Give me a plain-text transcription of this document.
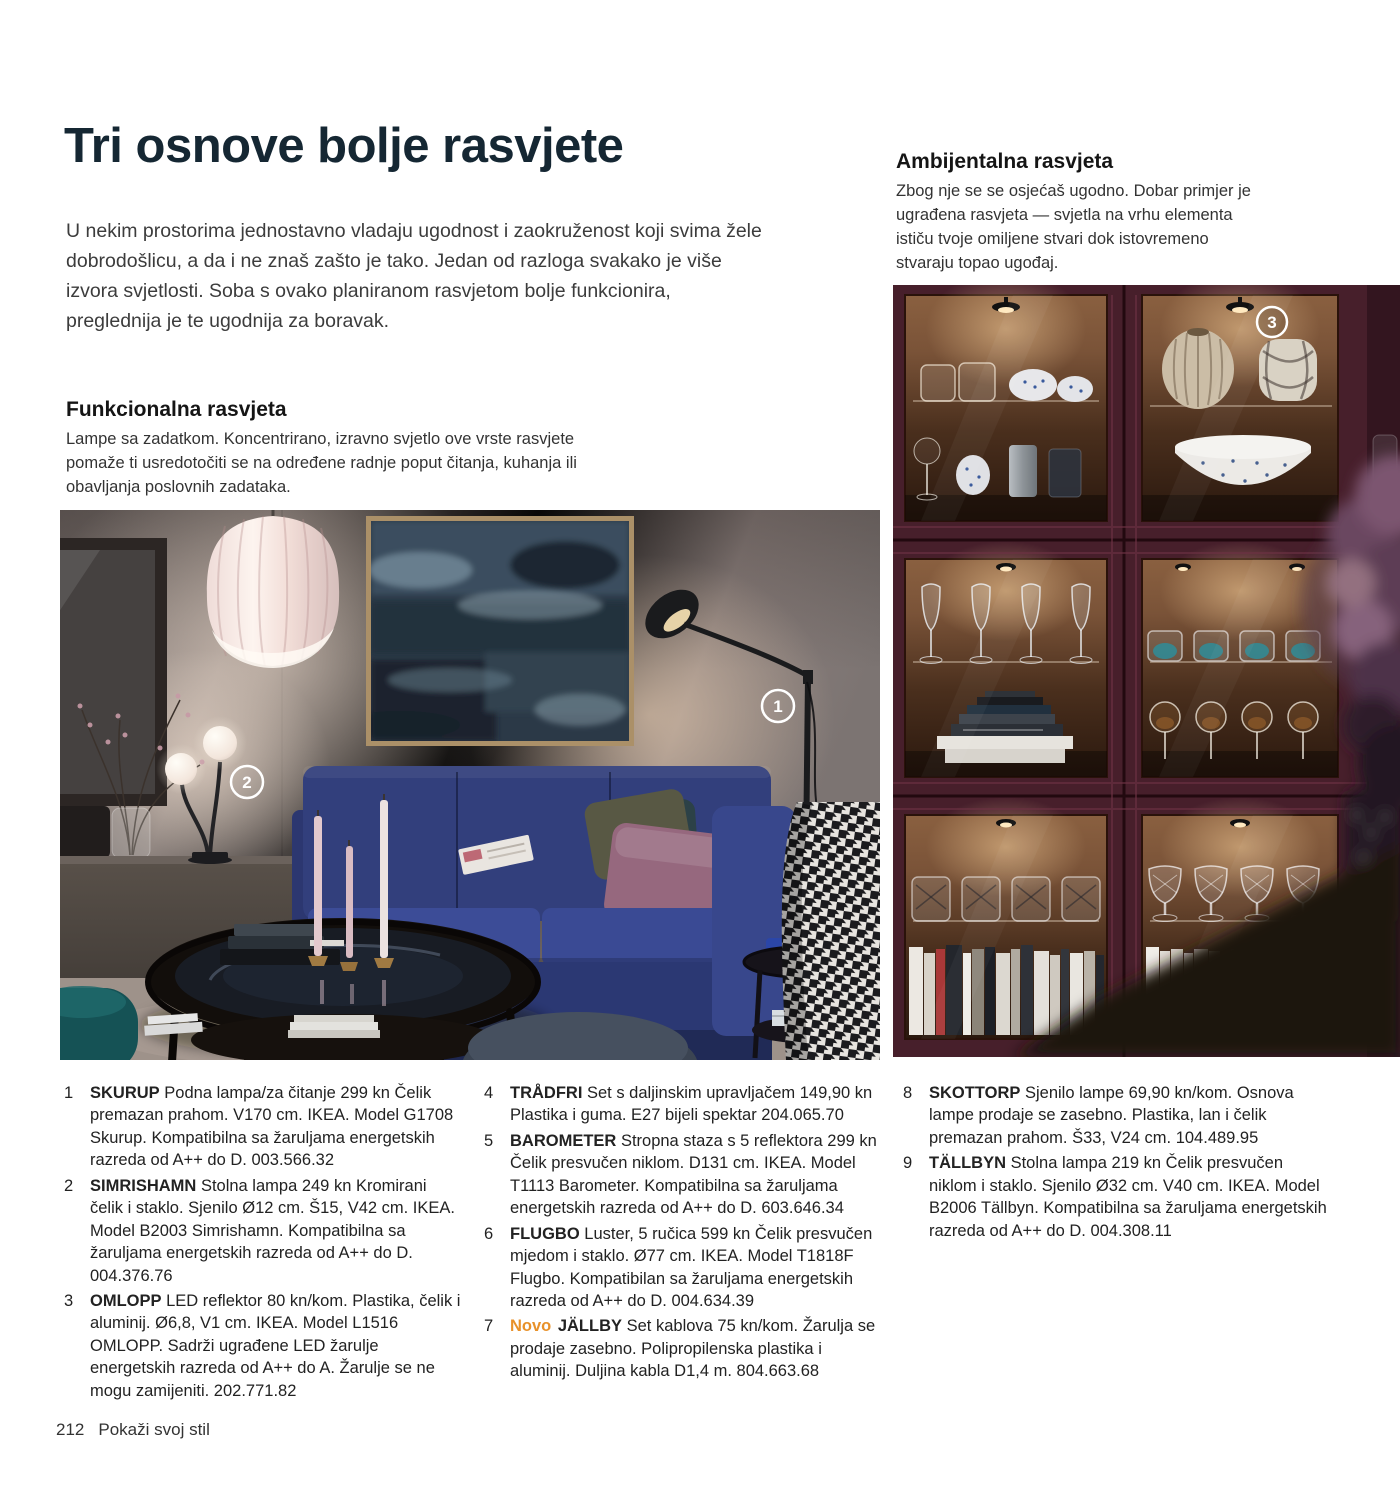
Tri osnove bolje rasvjete

U nekim prostorima jednostavno vladaju ugodnost i zaokruženost koji svima žele dobrodošlicu, a da i ne znaš zašto je tako. Jedan od razloga svakako je više izvora svjetlosti. Soba s ovako planiranom rasvjetom bolje funkcionira, preglednija je te ugodnija za boravak.

Ambijentalna rasvjeta

Zbog nje se se osjećaš ugodno. Dobar primjer je ugrađena rasvjeta — svjetla na vrhu elementa ističu tvoje omiljene stvari dok istovremeno stvaraju topao ugođaj.

Funkcionalna rasvjeta

Lampe sa zadatkom. Koncentrirano, izravno svjetlo ove vrste rasvjete pomaže ti usredotočiti se na određene radnje poput čitanja, kuhanja ili obavljanja poslovnih zadataka.

2
1
3
1	SKURUP Podna lampa/za čitanje 299 kn Čelik premazan prahom. V170 cm. IKEA. Model G1708 Skurup. Kompatibilna sa žaruljama energetskih razreda od A++ do D. 003.566.32
2	SIMRISHAMN Stolna lampa 249 kn Kromirani čelik i staklo. Sjenilo Ø12 cm. Š15, V42 cm. IKEA. Model B2003 Simrishamn. Kompatibilna sa žaruljama energetskih razreda od A++ do D. 004.376.76
3	OMLOPP LED reflektor 80 kn/kom. Plastika, čelik i aluminij. Ø6,8, V1 cm. IKEA. Model L1516 OMLOPP. Sadrži ugrađene LED žarulje energetskih razreda od A++ do A. Žarulje se ne mogu zamijeniti. 202.771.82
4	TRÅDFRI Set s daljinskim upravljačem 149,90 kn Plastika i guma. E27 bijeli spektar 204.065.70
5	BAROMETER Stropna staza s 5 reflektora 299 kn Čelik presvučen niklom. D131 cm. IKEA. Model T1113 Barometer. Kompatibilna sa žaruljama energetskih razreda od A++ do D. 603.646.34
6	FLUGBO Luster, 5 ručica 599 kn Čelik presvučen mjedom i staklo. Ø77 cm. IKEA. Model T1818F Flugbo. Kompatibilan sa žaruljama energetskih razreda od A++ do D. 004.634.39
7	Novo JÄLLBY Set kablova 75 kn/kom. Žarulja se prodaje zasebno. Polipropilenska plastika i aluminij. Duljina kabla D1,4 m. 804.663.68
8	SKOTTORP Sjenilo lampe 69,90 kn/kom. Osnova lampe prodaje se zasebno. Plastika, lan i čelik premazan prahom. Š33, V24 cm. 104.489.95
9	TÄLLBYN Stolna lampa 219 kn Čelik presvučen niklom i staklo. Sjenilo Ø32 cm. V40 cm. IKEA. Model B2006 Tällbyn. Kompatibilna sa žaruljama energetskih razreda od A++ do D. 004.308.11
212 Pokaži svoj stil
